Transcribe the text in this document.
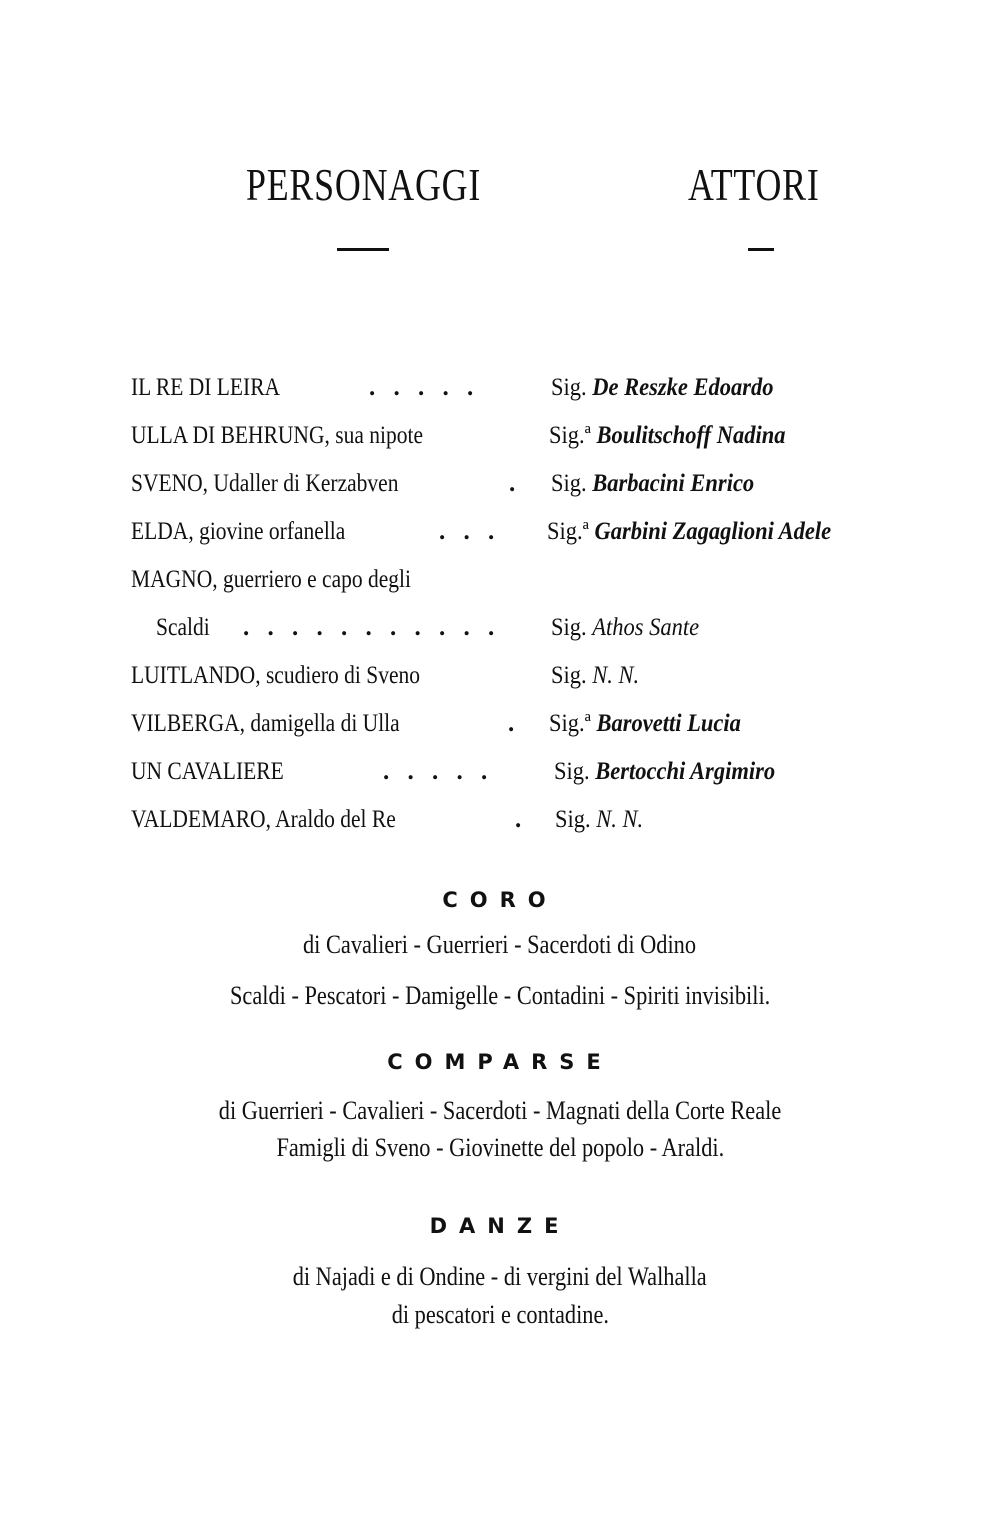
PERSONAGGI	ATTORI
IL RE DI LEIRA	. . . . .	Sig. De Reszke Edoardo
ULLA DI BEHRUNG, sua nipote	Sig.ª Boulitschoff Nadina
SVENO, Udaller di Kerzabven	. Sig. Barbacini Enrico
ELDA, giovine orfanella	. . . Sig.ª Garbini Zagaglioni Adele
MAGNO, guerriero e capo degli
Scaldi . . . . . . . . . . . Sig. Athos Sante
LUITLANDO, scudiero di Sveno	Sig. N. N.
VILBERGA, damigella di Ulla	. Sig.ª Barovetti Lucia
UN CAVALIERE	. . . . . Sig. Bertocchi Argimiro
VALDEMARO, Araldo del Re	. Sig. N. N.
CORO
di Cavalieri - Guerrieri - Sacerdoti di Odino
Scaldi - Pescatori - Damigelle - Contadini - Spiriti invisibili.
COMPARSE
di Guerrieri - Cavalieri - Sacerdoti - Magnati della Corte Reale
Famigli di Sveno - Giovinette del popolo - Araldi.
DANZE
di Najadi e di Ondine - di vergini del Walhalla
di pescatori e contadine.
